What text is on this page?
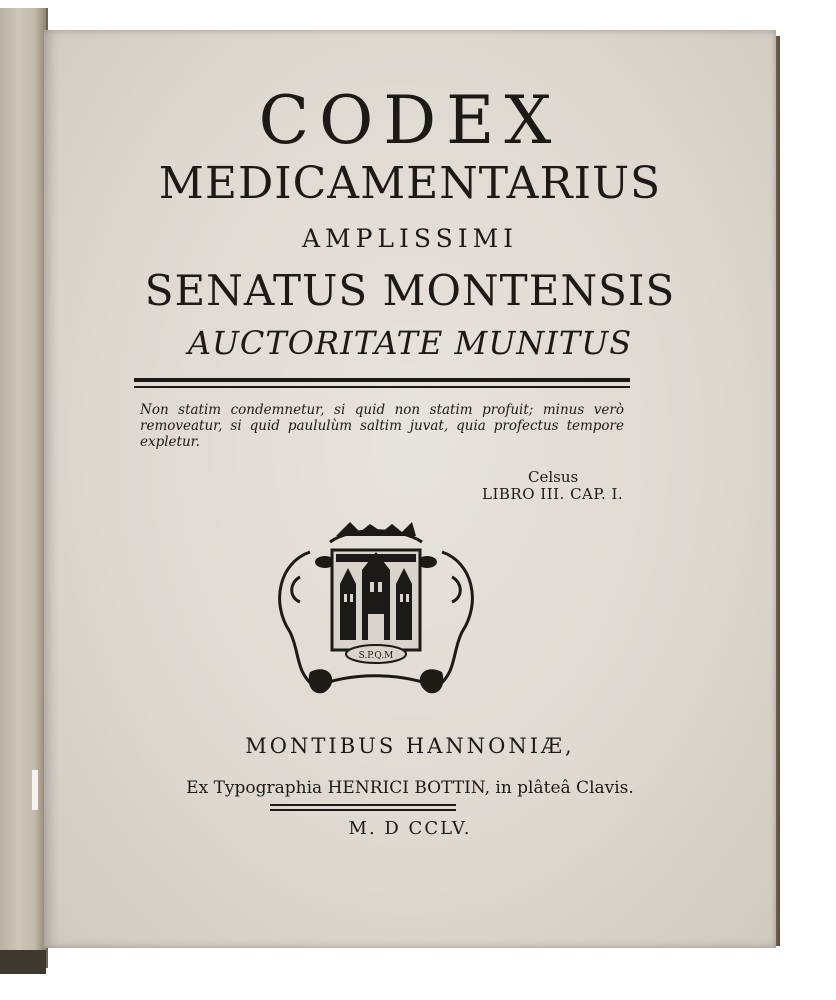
CODEX
MEDICAMENTARIUS
AMPLISSIMI
SENATUS MONTENSIS
AUCTORITATE MUNITUS
Non statim condemnetur, si quid non statim profuit; minus verò removeatur, si quid paululùm saltim juvat, quia profectus tempore expletur.
Celsus
LIBRO III. CAP. I.
S.P.Q.M
MONTIBUS HANNONIÆ,
Ex Typographia HENRICI BOTTIN, in plâteâ Clavis.
M. D CCLV.
